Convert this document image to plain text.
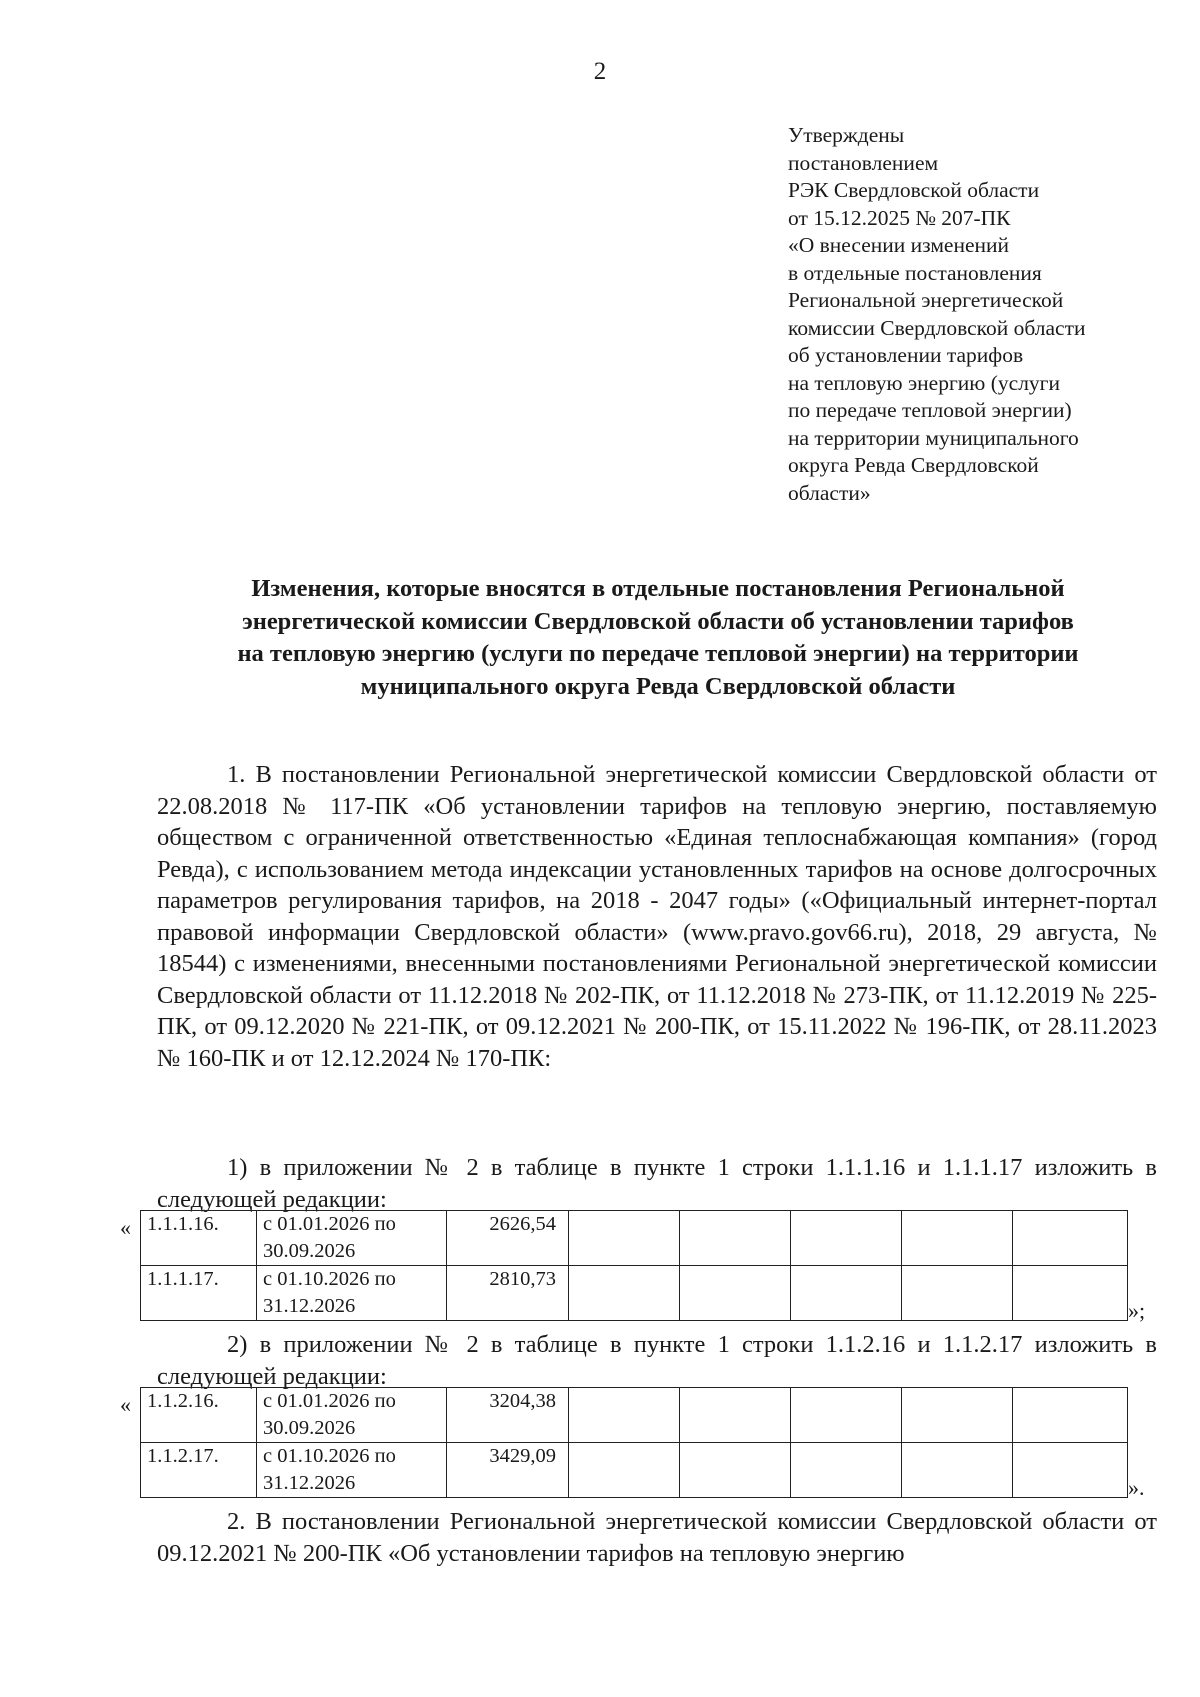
2
Утверждены
постановлением
РЭК Свердловской области
от 15.12.2025 № 207-ПК
«О внесении изменений
в отдельные постановления
Региональной энергетической
комиссии Свердловской области
об установлении тарифов
на тепловую энергию (услуги
по передаче тепловой энергии)
на территории муниципального
округа Ревда Свердловской
области»
Изменения, которые вносятся в отдельные постановления Региональной
энергетической комиссии Свердловской области об установлении тарифов
на тепловую энергию (услуги по передаче тепловой энергии) на территории
муниципального округа Ревда Свердловской области

1. В постановлении Региональной энергетической комиссии Свердловской области от 22.08.2018 № 117-ПК «Об установлении тарифов на тепловую энергию, поставляемую обществом с ограниченной ответственностью «Единая теплоснабжающая компания» (город Ревда), с использованием метода индексации установленных тарифов на основе долгосрочных параметров регулирования тарифов, на 2018 - 2047 годы» («Официальный интернет-портал правовой информации Свердловской области» (www.pravo.gov66.ru), 2018, 29 августа, № 18544) с изменениями, внесенными постановлениями Региональной энергетической комиссии Свердловской области от 11.12.2018 № 202-ПК, от 11.12.2018 № 273-ПК, от 11.12.2019 № 225-ПК, от 09.12.2020 № 221-ПК, от 09.12.2021 № 200-ПК, от 15.11.2022 № 196-ПК, от 28.11.2023 № 160-ПК и от 12.12.2024 № 170-ПК:

1) в приложении № 2 в таблице в пункте 1 строки 1.1.1.16 и 1.1.1.17 изложить в следующей редакции:

« 1.1.1.16.	с 01.01.2026 по 30.09.2026	2626,54					
1.1.1.17.	с 01.10.2026 по 31.12.2026	2810,73					
»;

2) в приложении № 2 в таблице в пункте 1 строки 1.1.2.16 и 1.1.2.17 изложить в следующей редакции:

« 1.1.2.16.	с 01.01.2026 по 30.09.2026	3204,38					
1.1.2.17.	с 01.10.2026 по 31.12.2026	3429,09					
».

2. В постановлении Региональной энергетической комиссии Свердловской области от 09.12.2021 № 200-ПК «Об установлении тарифов на тепловую энергию
